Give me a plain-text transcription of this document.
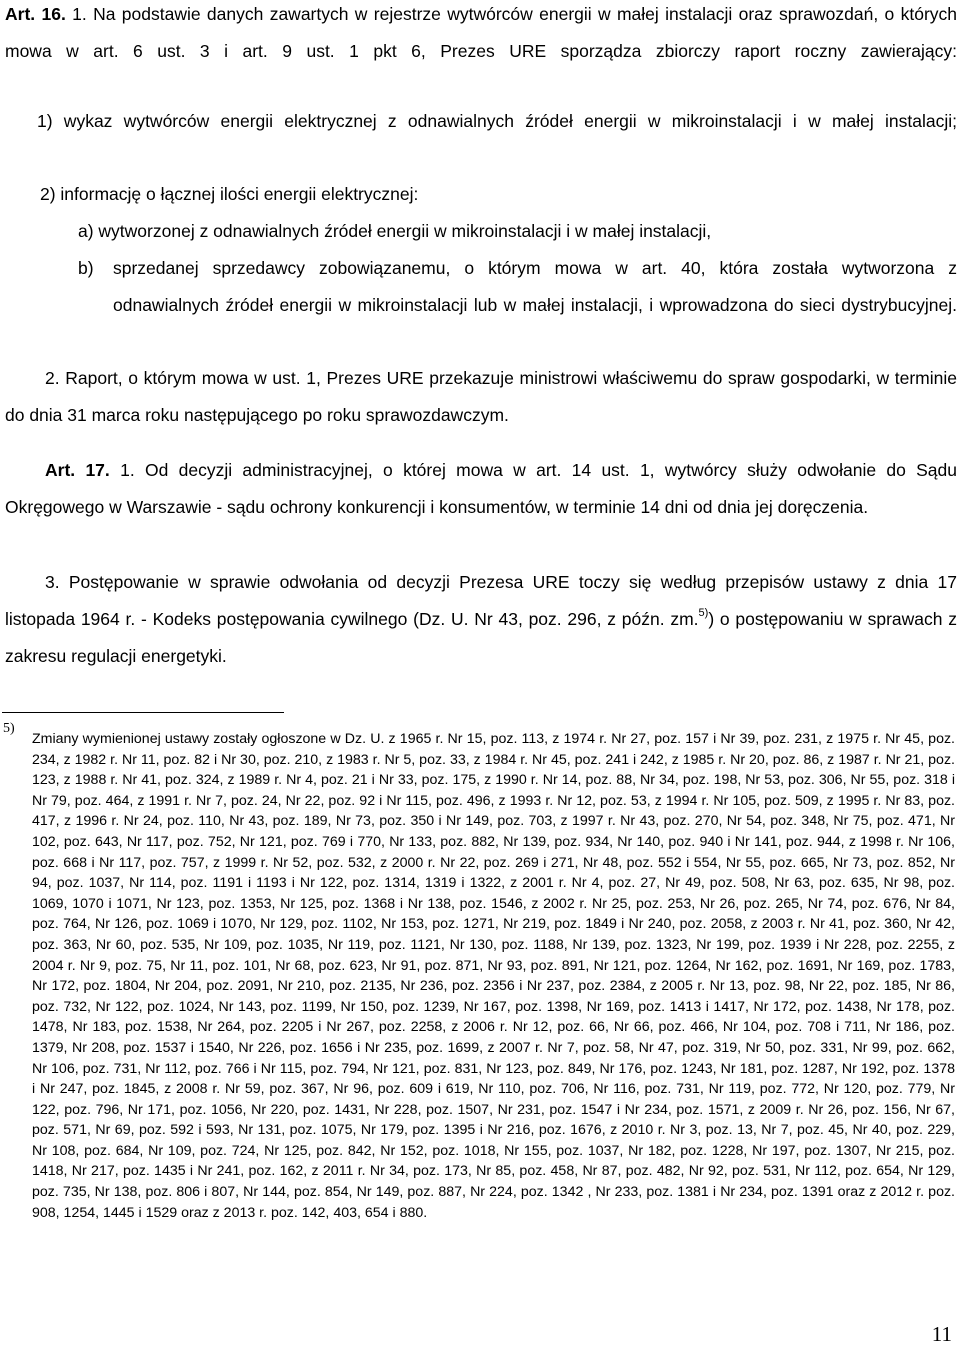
Art. 16. 1. Na podstawie danych zawartych w rejestrze wytwórców energii w małej instalacji oraz sprawozdań, o których mowa w art. 6 ust. 3 i art. 9 ust. 1 pkt 6, Prezes URE sporządza zbiorczy raport roczny zawierający:

1) wykaz wytwórców energii elektrycznej z odnawialnych źródeł energii w mikroinstalacji i w małej instalacji;

2) informację o łącznej ilości energii elektrycznej:

a) wytworzonej z odnawialnych źródeł energii w mikroinstalacji i w małej instalacji,

b) sprzedanej sprzedawcy zobowiązanemu, o którym mowa w art. 40, która została wytworzona z odnawialnych źródeł energii w mikroinstalacji lub w małej instalacji, i wprowadzona do sieci dystrybucyjnej.

2. Raport, o którym mowa w ust. 1, Prezes URE przekazuje ministrowi właściwemu do spraw gospodarki, w terminie do dnia 31 marca roku następującego po roku sprawozdawczym.

Art. 17. 1. Od decyzji administracyjnej, o której mowa w art. 14 ust. 1, wytwórcy służy odwołanie do Sądu Okręgowego w Warszawie - sądu ochrony konkurencji i konsumentów, w terminie 14 dni od dnia jej doręczenia.

3. Postępowanie w sprawie odwołania od decyzji Prezesa URE toczy się według przepisów ustawy z dnia 17 listopada 1964 r. - Kodeks postępowania cywilnego (Dz. U. Nr 43, poz. 296, z późn. zm.$^{5)}$) o postępowaniu w sprawach z zakresu regulacji energetyki.

5)

Zmiany wymienionej ustawy zostały ogłoszone w Dz. U. z 1965 r. Nr 15, poz. 113, z 1974 r. Nr 27, poz. 157 i Nr 39, poz. 231, z 1975 r. Nr 45, poz. 234, z 1982 r. Nr 11, poz. 82 i Nr 30, poz. 210, z 1983 r. Nr 5, poz. 33, z 1984 r. Nr 45, poz. 241 i 242, z 1985 r. Nr 20, poz. 86, z 1987 r. Nr 21, poz. 123, z 1988 r. Nr 41, poz. 324, z 1989 r. Nr 4, poz. 21 i Nr 33, poz. 175, z 1990 r. Nr 14, poz. 88, Nr 34, poz. 198, Nr 53, poz. 306, Nr 55, poz. 318 i Nr 79, poz. 464, z 1991 r. Nr 7, poz. 24, Nr 22, poz. 92 i Nr 115, poz. 496, z 1993 r. Nr 12, poz. 53, z 1994 r. Nr 105, poz. 509, z 1995 r. Nr 83, poz. 417, z 1996 r. Nr 24, poz. 110, Nr 43, poz. 189, Nr 73, poz. 350 i Nr 149, poz. 703, z 1997 r. Nr 43, poz. 270, Nr 54, poz. 348, Nr 75, poz. 471, Nr 102, poz. 643, Nr 117, poz. 752, Nr 121, poz. 769 i 770, Nr 133, poz. 882, Nr 139, poz. 934, Nr 140, poz. 940 i Nr 141, poz. 944, z 1998 r. Nr 106, poz. 668 i Nr 117, poz. 757, z 1999 r. Nr 52, poz. 532, z 2000 r. Nr 22, poz. 269 i 271, Nr 48, poz. 552 i 554, Nr 55, poz. 665, Nr 73, poz. 852, Nr 94, poz. 1037, Nr 114, poz. 1191 i 1193 i Nr 122, poz. 1314, 1319 i 1322, z 2001 r. Nr 4, poz. 27, Nr 49, poz. 508, Nr 63, poz. 635, Nr 98, poz. 1069, 1070 i 1071, Nr 123, poz. 1353, Nr 125, poz. 1368 i Nr 138, poz. 1546, z 2002 r. Nr 25, poz. 253, Nr 26, poz. 265, Nr 74, poz. 676, Nr 84, poz. 764, Nr 126, poz. 1069 i 1070, Nr 129, poz. 1102, Nr 153, poz. 1271, Nr 219, poz. 1849 i Nr 240, poz. 2058, z 2003 r. Nr 41, poz. 360, Nr 42, poz. 363, Nr 60, poz. 535, Nr 109, poz. 1035, Nr 119, poz. 1121, Nr 130, poz. 1188, Nr 139, poz. 1323, Nr 199, poz. 1939 i Nr 228, poz. 2255, z 2004 r. Nr 9, poz. 75, Nr 11, poz. 101, Nr 68, poz. 623, Nr 91, poz. 871, Nr 93, poz. 891, Nr 121, poz. 1264, Nr 162, poz. 1691, Nr 169, poz. 1783, Nr 172, poz. 1804, Nr 204, poz. 2091, Nr 210, poz. 2135, Nr 236, poz. 2356 i Nr 237, poz. 2384, z 2005 r. Nr 13, poz. 98, Nr 22, poz. 185, Nr 86, poz. 732, Nr 122, poz. 1024, Nr 143, poz. 1199, Nr 150, poz. 1239, Nr 167, poz. 1398, Nr 169, poz. 1413 i 1417, Nr 172, poz. 1438, Nr 178, poz. 1478, Nr 183, poz. 1538, Nr 264, poz. 2205 i Nr 267, poz. 2258, z 2006 r. Nr 12, poz. 66, Nr 66, poz. 466, Nr 104, poz. 708 i 711, Nr 186, poz. 1379, Nr 208, poz. 1537 i 1540, Nr 226, poz. 1656 i Nr 235, poz. 1699, z 2007 r. Nr 7, poz. 58, Nr 47, poz. 319, Nr 50, poz. 331, Nr 99, poz. 662, Nr 106, poz. 731, Nr 112, poz. 766 i Nr 115, poz. 794, Nr 121, poz. 831, Nr 123, poz. 849, Nr 176, poz. 1243, Nr 181, poz. 1287, Nr 192, poz. 1378 i Nr 247, poz. 1845, z 2008 r. Nr 59, poz. 367, Nr 96, poz. 609 i 619, Nr 110, poz. 706, Nr 116, poz. 731, Nr 119, poz. 772, Nr 120, poz. 779, Nr 122, poz. 796, Nr 171, poz. 1056, Nr 220, poz. 1431, Nr 228, poz. 1507, Nr 231, poz. 1547 i Nr 234, poz. 1571, z 2009 r. Nr 26, poz. 156, Nr 67, poz. 571, Nr 69, poz. 592 i 593, Nr 131, poz. 1075, Nr 179, poz. 1395 i Nr 216, poz. 1676, z 2010 r. Nr 3, poz. 13, Nr 7, poz. 45, Nr 40, poz. 229, Nr 108, poz. 684, Nr 109, poz. 724, Nr 125, poz. 842, Nr 152, poz. 1018, Nr 155, poz. 1037, Nr 182, poz. 1228, Nr 197, poz. 1307, Nr 215, poz. 1418, Nr 217, poz. 1435 i Nr 241, poz. 162, z 2011 r. Nr 34, poz. 173, Nr 85, poz. 458, Nr 87, poz. 482, Nr 92, poz. 531, Nr 112, poz. 654, Nr 129, poz. 735, Nr 138, poz. 806 i 807, Nr 144, poz. 854, Nr 149, poz. 887, Nr 224, poz. 1342 , Nr 233, poz. 1381 i Nr 234, poz. 1391 oraz z 2012 r. poz. 908, 1254, 1445 i 1529 oraz z 2013 r. poz. 142, 403, 654 i 880.

11
